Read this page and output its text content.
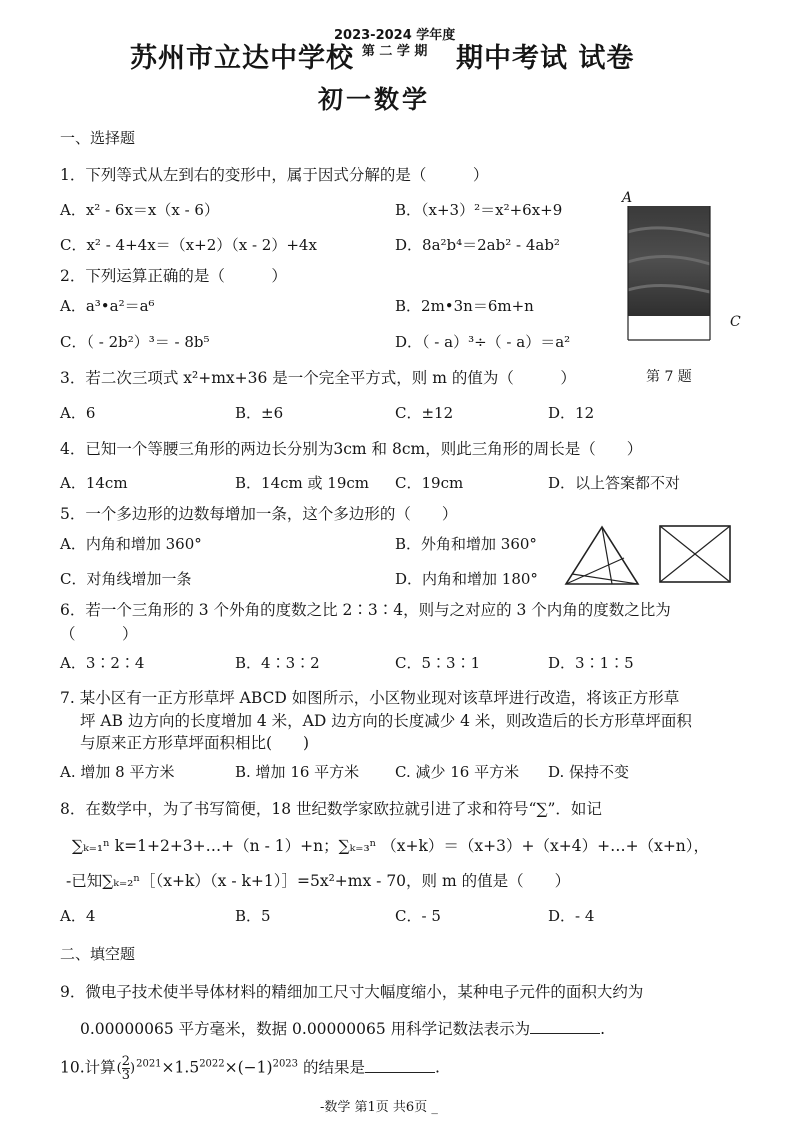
苏州市立达中学校
2023-2024 学年度
第 二 学 期	期中考试 试卷
初一数学
一、选择题
1．下列等式从左到右的变形中，属于因式分解的是（　　　）
A．x² - 6x＝x（x - 6）	B．（x+3）²＝x²+6x+9
C．x² - 4+4x＝（x+2）（x - 2）+4x	D．8a²b⁴＝2ab² - 4ab²
2．下列运算正确的是（　　　）
A．a³•a²＝a⁶	B．2m•3n＝6m+n
C．（ - 2b²）³＝ - 8b⁵	D．（ - a）³÷（ - a）＝a²
A
C
第 7 题
3．若二次三项式 x²+mx+36 是一个完全平方式，则 m 的值为（　　　）
A．6	B．±6	C．±12	D．12
4．已知一个等腰三角形的两边长分别为3cm 和 8cm，则此三角形的周长是（　　）
A．14cm	B．14cm 或 19cm C．19cm	D．以上答案都不对
5．一个多边形的边数每增加一条，这个多边形的（　　）
A．内角和增加 360°	B．外角和增加 360°
C．对角线增加一条	D．内角和增加 180°
6．若一个三角形的 3 个外角的度数之比 2∶3∶4，则与之对应的 3 个内角的度数之比为
（　　　）
A．3∶2∶4	B．4∶3∶2	C．5∶3∶1	D．3∶1∶5
7. 某小区有一正方形草坪 ABCD 如图所示，小区物业现对该草坪进行改造，将该正方形草
坪 AB 边方向的长度增加 4 米，AD 边方向的长度减少 4 米，则改造后的长方形草坪面积
与原来正方形草坪面积相比(　　)
A. 增加 8 平方米	B. 增加 16 平方米 C. 减少 16 平方米 D. 保持不变
8．在数学中，为了书写简便，18 世纪数学家欧拉就引进了求和符号“∑”．如记
∑ₖ₌₁ⁿ k=1+2+3+…+（n - 1）+n；∑ₖ₌₃ⁿ （x+k）＝（x+3）+（x+4）+…+（x+n），
-已知∑ₖ₌₂ⁿ［（x+k）（x - k+1）］=5x²+mx - 70，则 m 的值是（　　）
A．4	B．5	C．- 5	D．- 4
二、填空题
9．微电子技术使半导体材料的精细加工尺寸大幅度缩小，某种电子元件的面积大约为
0.00000065 平方毫米，数据 0.00000065 用科学记数法表示为	.
10.计算( $\frac{2}{3} )^{2021}\times 1.5^{2022}\times(-1)^{2023}$ 的结果是	.
-数学 第1页 共6页 _
